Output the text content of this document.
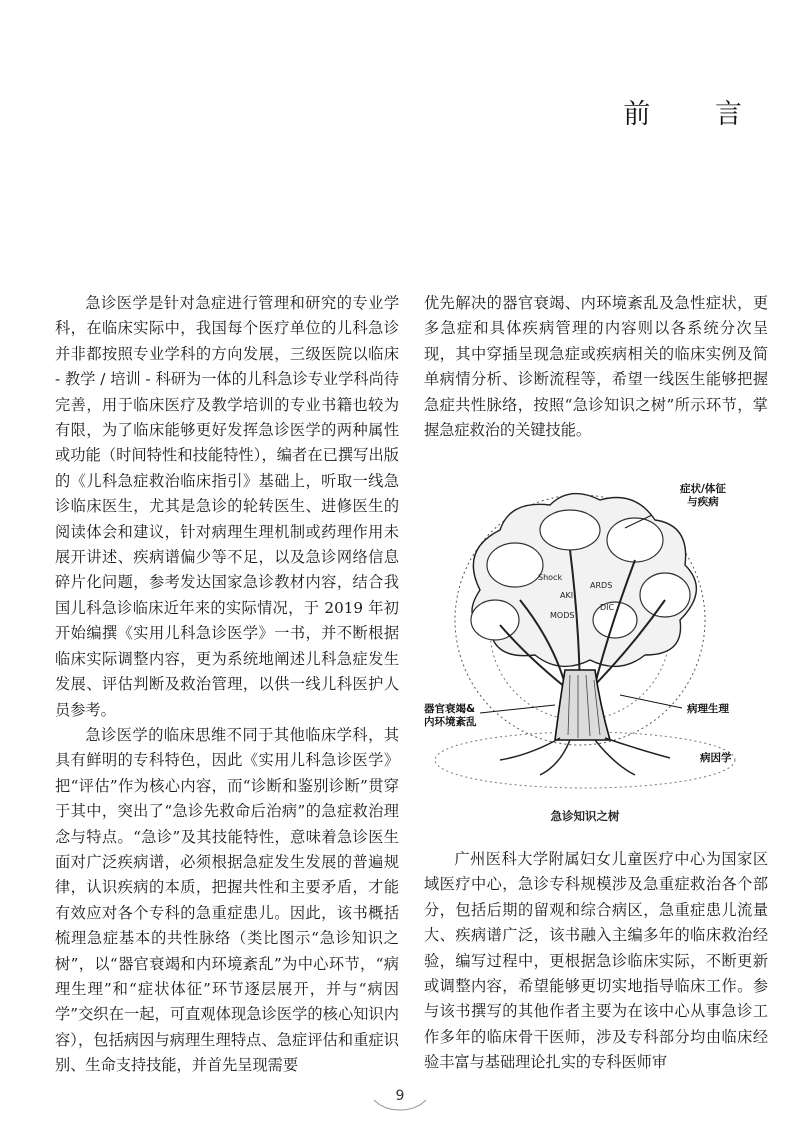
前 言

急诊医学是针对急症进行管理和研究的专业学科，在临床实际中，我国每个医疗单位的儿科急诊并非都按照专业学科的方向发展，三级医院以临床 - 教学 / 培训 - 科研为一体的儿科急诊专业学科尚待完善，用于临床医疗及教学培训的专业书籍也较为有限，为了临床能够更好发挥急诊医学的两种属性或功能（时间特性和技能特性），编者在已撰写出版的《儿科急症救治临床指引》基础上，听取一线急诊临床医生，尤其是急诊的轮转医生、进修医生的阅读体会和建议，针对病理生理机制或药理作用未展开讲述、疾病谱偏少等不足，以及急诊网络信息碎片化问题，参考发达国家急诊教材内容，结合我国儿科急诊临床近年来的实际情况，于 2019 年初开始编撰《实用儿科急诊医学》一书，并不断根据临床实际调整内容，更为系统地阐述儿科急症发生发展、评估判断及救治管理，以供一线儿科医护人员参考。

急诊医学的临床思维不同于其他临床学科，其具有鲜明的专科特色，因此《实用儿科急诊医学》把“评估”作为核心内容，而“诊断和鉴别诊断”贯穿于其中，突出了“急诊先救命后治病”的急症救治理念与特点。“急诊”及其技能特性，意味着急诊医生面对广泛疾病谱，必须根据急症发生发展的普遍规律，认识疾病的本质，把握共性和主要矛盾，才能有效应对各个专科的急重症患儿。因此，该书概括梳理急症基本的共性脉络（类比图示“急诊知识之树”，以“器官衰竭和内环境紊乱”为中心环节，“病理生理”和“症状体征”环节逐层展开，并与“病因学”交织在一起，可直观体现急诊医学的核心知识内容），包括病因与病理生理特点、急症评估和重症识别、生命支持技能，并首先呈现需要

优先解决的器官衰竭、内环境紊乱及急性症状，更多急症和具体疾病管理的内容则以各系统分次呈现，其中穿插呈现急症或疾病相关的临床实例及简单病情分析、诊断流程等，希望一线医生能够把握急症共性脉络，按照“急诊知识之树”所示环节，掌握急症救治的关键技能。

Shock
AKI
ARDS
DIC
MODS
症状/体征
与疾病
器官衰竭&
内环境紊乱
病理生理
病因学
急诊知识之树

广州医科大学附属妇女儿童医疗中心为国家区域医疗中心，急诊专科规模涉及急重症救治各个部分，包括后期的留观和综合病区，急重症患儿流量大、疾病谱广泛，该书融入主编多年的临床救治经验，编写过程中，更根据急诊临床实际，不断更新或调整内容，希望能够更切实地指导临床工作。参与该书撰写的其他作者主要为在该中心从事急诊工作多年的临床骨干医师，涉及专科部分均由临床经验丰富与基础理论扎实的专科医师审

9
